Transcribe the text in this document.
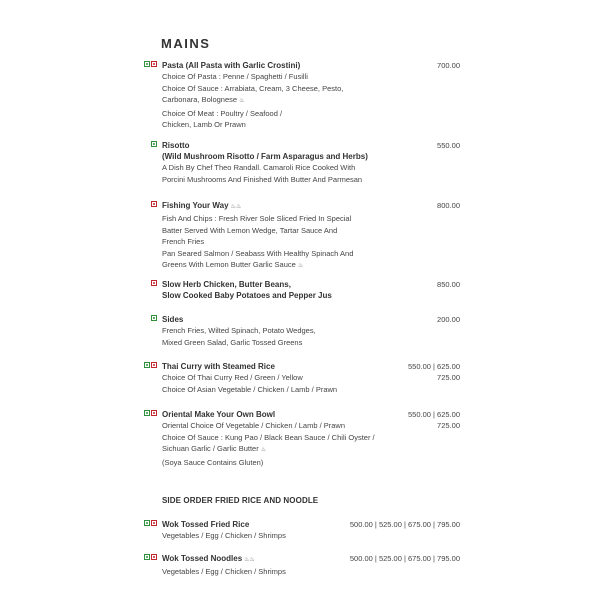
MAINS
Pasta (All Pasta with Garlic Crostini)
Choice Of Pasta : Penne / Spaghetti / Fusilli
Choice Of Sauce : Arrabiata, Cream, 3 Cheese, Pesto,
Carbonara, Bolognese ♨
Choice Of Meat : Poultry / Seafood /
Chicken, Lamb Or Prawn
700.00
Risotto
(Wild Mushroom Risotto / Farm Asparagus and Herbs)
A Dish By Chef Theo Randall. Camaroli Rice Cooked With
Porcini Mushrooms And Finished With Butter And Parmesan
550.00
Fishing Your Way ♨♨
Fish And Chips : Fresh River Sole Sliced Fried In Special
Batter Served With Lemon Wedge, Tartar Sauce And
French Fries
Pan Seared Salmon / Seabass With Healthy Spinach And
Greens With Lemon Butter Garlic Sauce ♨
800.00
Slow Herb Chicken, Butter Beans,
Slow Cooked Baby Potatoes and Pepper Jus
850.00
Sides
French Fries, Wilted Spinach, Potato Wedges,
Mixed Green Salad, Garlic Tossed Greens
200.00
Thai Curry with Steamed Rice
Choice Of Thai Curry Red / Green / Yellow
Choice Of Asian Vegetable / Chicken / Lamb / Prawn
550.00 | 625.00
725.00
Oriental Make Your Own Bowl
Oriental Choice Of Vegetable / Chicken / Lamb / Prawn
Choice Of Sauce : Kung Pao / Black Bean Sauce / Chili Oyster /
Sichuan Garlic / Garlic Butter ♨
(Soya Sauce Contains Gluten)
550.00 | 625.00
725.00
SIDE ORDER FRIED RICE AND NOODLE
Wok Tossed Fried Rice
Vegetables / Egg / Chicken / Shrimps
500.00 | 525.00 | 675.00 | 795.00
Wok Tossed Noodles ♨♨
Vegetables / Egg / Chicken / Shrimps
500.00 | 525.00 | 675.00 | 795.00
